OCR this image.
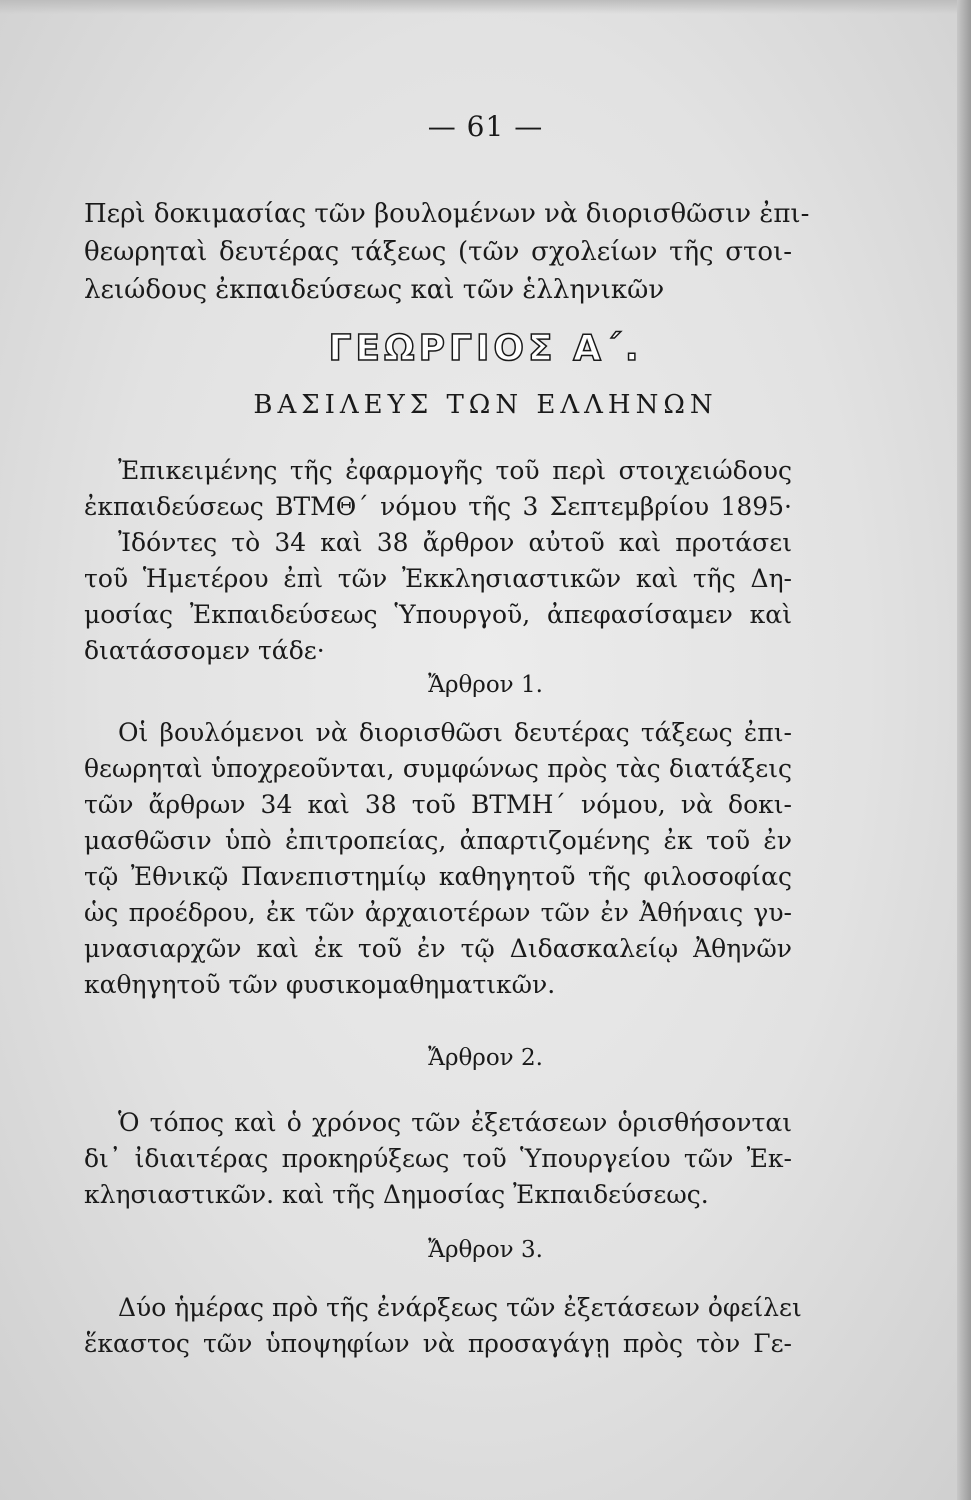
— 61 —
Περὶ δοκιμασίας τῶν βουλομένων νὰ διορισθῶσιν ἐπι-
θεωρηταὶ δευτέρας τάξεως (τῶν σχολείων τῆς στοι-
λειώδους ἐκπαιδεύσεως καὶ τῶν ἑλληνικῶν
ΓΕΩΡΓΙΟΣ Α΄.
ΒΑΣΙΛΕΥΣ ΤΩΝ ΕΛΛΗΝΩΝ
Ἐπικειμένης τῆς ἐφαρμογῆς τοῦ περὶ στοιχειώδους
ἐκπαιδεύσεως ΒΤΜΘ΄ νόμου τῆς 3 Σεπτεμβρίου 1895·
Ἰδόντες τὸ 34 καὶ 38 ἄρθρον αὐτοῦ καὶ προτάσει
τοῦ Ἡμετέρου ἐπὶ τῶν Ἐκκλησιαστικῶν καὶ τῆς Δη-
μοσίας Ἐκπαιδεύσεως Ὑπουργοῦ, ἀπεφασίσαμεν καὶ
διατάσσομεν τάδε·
Ἄρθρον 1.
Οἱ βουλόμενοι νὰ διορισθῶσι δευτέρας τάξεως ἐπι-
θεωρηταὶ ὑποχρεοῦνται, συμφώνως πρὸς τὰς διατάξεις
τῶν ἄρθρων 34 καὶ 38 τοῦ ΒΤΜΗ΄ νόμου, νὰ δοκι-
μασθῶσιν ὑπὸ ἐπιτροπείας, ἀπαρτιζομένης ἐκ τοῦ ἐν
τῷ Ἐθνικῷ Πανεπιστημίῳ καθηγητοῦ τῆς φιλοσοφίας
ὡς προέδρου, ἐκ τῶν ἀρχαιοτέρων τῶν ἐν Ἀθήναις γυ-
μνασιαρχῶν καὶ ἐκ τοῦ ἐν τῷ Διδασκαλείῳ Ἀθηνῶν
καθηγητοῦ τῶν φυσικομαθηματικῶν.
Ἄρθρον 2.
Ὁ τόπος καὶ ὁ χρόνος τῶν ἐξετάσεων ὁρισθήσονται
δι᾽ ἰδιαιτέρας προκηρύξεως τοῦ Ὑπουργείου τῶν Ἐκ-
κλησιαστικῶν. καὶ τῆς Δημοσίας Ἐκπαιδεύσεως.
Ἄρθρον 3.
Δύο ἡμέρας πρὸ τῆς ἐνάρξεως τῶν ἐξετάσεων ὀφείλει
ἕκαστος τῶν ὑποψηφίων νὰ προσαγάγῃ πρὸς τὸν Γε-
